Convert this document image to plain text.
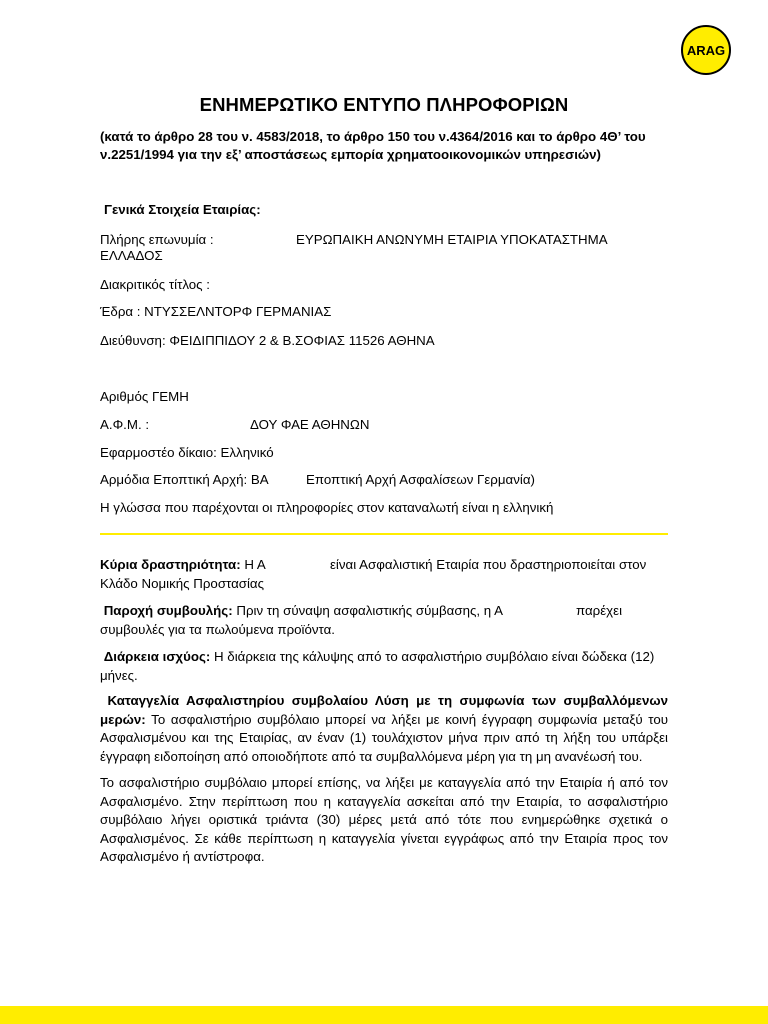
ARAG
ΕΝΗΜΕΡΩΤΙΚΟ ΕΝΤΥΠΟ ΠΛΗΡΟΦΟΡΙΩΝ
(κατά το άρθρο 28 του ν. 4583/2018, το άρθρο 150 του ν.4364/2016 και το άρθρο 4Θ’ του
ν.2251/1994 για την εξ’ αποστάσεως εμπορία χρηματοοικονομικών υπηρεσιών)
Γενικά Στοιχεία Εταιρίας:
Πλήρης επωνυμία :	ΕΥΡΩΠΑΙΚΗ ΑΝΩΝΥΜΗ ΕΤΑΙΡΙΑ ΥΠΟΚΑΤΑΣΤΗΜΑ
ΕΛΛΑΔΟΣ
Διακριτικός τίτλος :
Έδρα : ΝΤΥΣΣΕΛΝΤΟΡΦ ΓΕΡΜΑΝΙΑΣ
Διεύθυνση: ΦΕΙΔΙΠΠΙΔΟΥ 2 & Β.ΣΟΦΙΑΣ 11526 ΑΘΗΝΑ
Αριθμός ΓΕΜΗ
Α.Φ.Μ. :	ΔΟΥ ΦΑΕ ΑΘΗΝΩΝ
Εφαρμοστέο δίκαιο: Ελληνικό
Αρμόδια Εποπτική Αρχή: ΒΑ	Εποπτική Αρχή Ασφαλίσεων Γερμανία)
Η γλώσσα που παρέχονται οι πληροφορίες στον καταναλωτή είναι η ελληνική
Κύρια δραστηριότητα: Η Α	είναι Ασφαλιστική Εταιρία που δραστηριοποιείται στον
Κλάδο Νομικής Προστασίας
Παροχή συμβουλής: Πριν τη σύναψη ασφαλιστικής σύμβασης, η Α	παρέχει
συμβουλές για τα πωλούμενα προϊόντα.
Διάρκεια ισχύος: Η διάρκεια της κάλυψης από το ασφαλιστήριο συμβόλαιο είναι δώδεκα (12) μήνες.
Καταγγελία Ασφαλιστηρίου συμβολαίου Λύση με τη συμφωνία των συμβαλλόμενων μερών: Το ασφαλιστήριο συμβόλαιο μπορεί να λήξει με κοινή έγγραφη συμφωνία μεταξύ του Ασφαλισμένου και της Εταιρίας, αν έναν (1) τουλάχιστον μήνα πριν από τη λήξη του υπάρξει έγγραφη ειδοποίηση από οποιοδήποτε από τα συμβαλλόμενα μέρη για τη μη ανανέωσή του.
Το ασφαλιστήριο συμβόλαιο μπορεί επίσης, να λήξει με καταγγελία από την Εταιρία ή από τον Ασφαλισμένο. Στην περίπτωση που η καταγγελία ασκείται από την Εταιρία, το ασφαλιστήριο συμβόλαιο λήγει οριστικά τριάντα (30) μέρες μετά από τότε που ενημερώθηκε σχετικά ο Ασφαλισμένος. Σε κάθε περίπτωση η καταγγελία γίνεται εγγράφως από την Εταιρία προς τον Ασφαλισμένο ή αντίστροφα.
